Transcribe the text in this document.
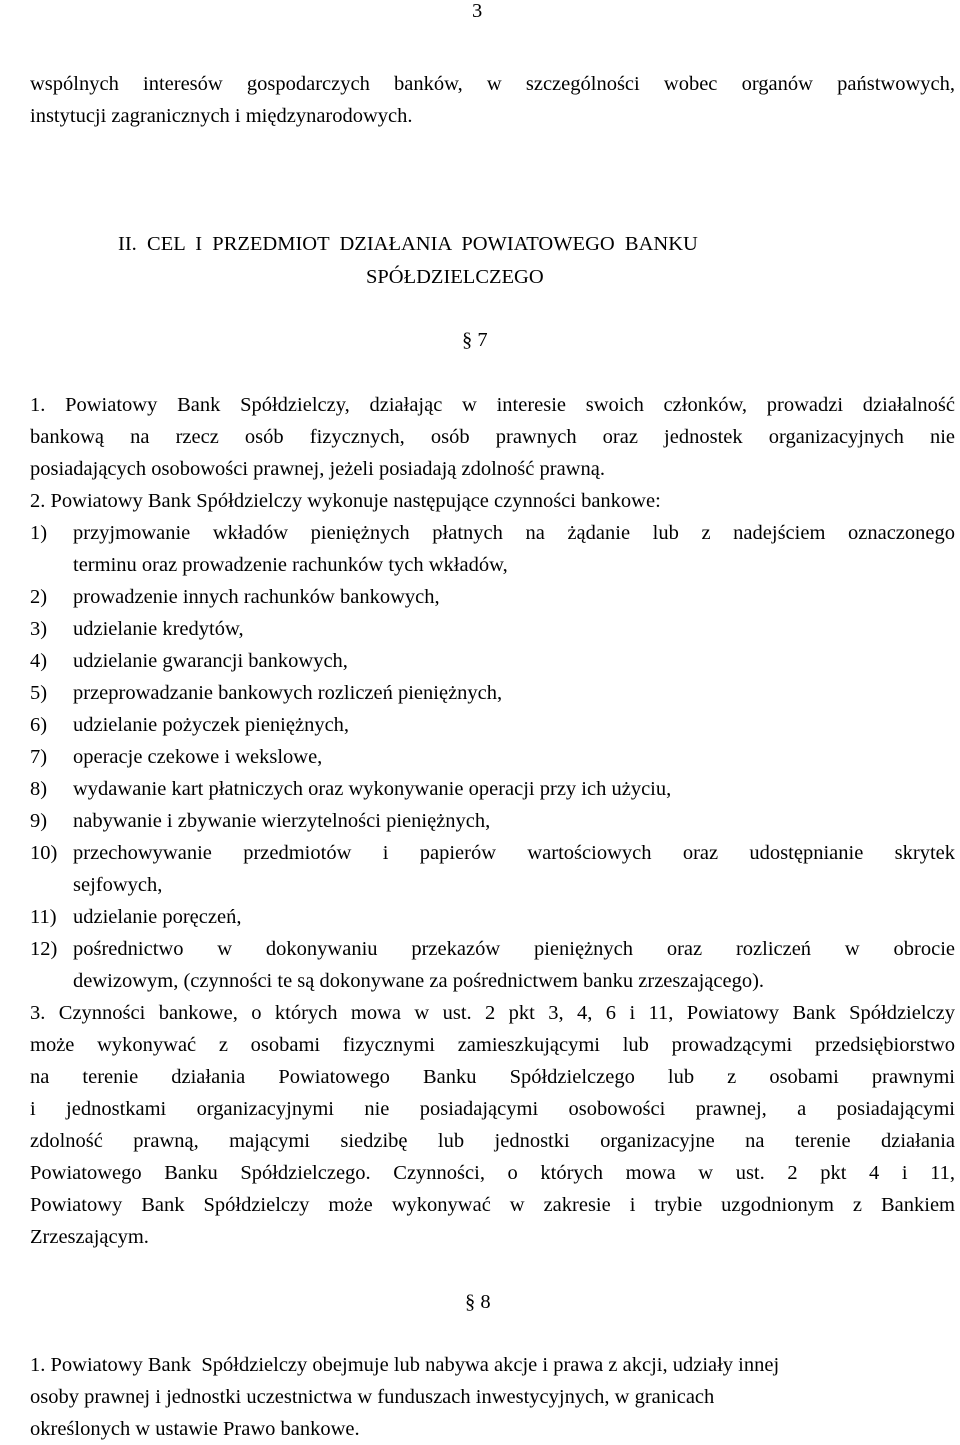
3
wspólnych interesów gospodarczych banków, w szczególności wobec organów państwowych,
instytucji zagranicznych i międzynarodowych.
II.  CEL  I  PRZEDMIOT  DZIAŁANIA  POWIATOWEGO  BANKU
SPÓŁDZIELCZEGO
§ 7
1. Powiatowy Bank Spółdzielczy, działając w interesie swoich członków, prowadzi działalność
bankową na rzecz osób fizycznych, osób prawnych oraz jednostek organizacyjnych nie
posiadających osobowości prawnej, jeżeli posiadają zdolność prawną.
2. Powiatowy Bank Spółdzielczy wykonuje następujące czynności bankowe:
1) przyjmowanie wkładów pieniężnych płatnych na żądanie lub z nadejściem oznaczonego
terminu oraz prowadzenie rachunków tych wkładów,
2) prowadzenie innych rachunków bankowych,
3) udzielanie kredytów,
4) udzielanie gwarancji bankowych,
5) przeprowadzanie bankowych rozliczeń pieniężnych,
6) udzielanie pożyczek pieniężnych,
7) operacje czekowe i wekslowe,
8) wydawanie kart płatniczych oraz wykonywanie operacji przy ich użyciu,
9) nabywanie i zbywanie wierzytelności pieniężnych,
10) przechowywanie przedmiotów i papierów wartościowych oraz udostępnianie skrytek
sejfowych,
11) udzielanie poręczeń,
12) pośrednictwo w dokonywaniu przekazów pieniężnych oraz rozliczeń w obrocie
dewizowym, (czynności te są dokonywane za pośrednictwem banku zrzeszającego).
3. Czynności bankowe, o których mowa w ust. 2 pkt 3, 4, 6 i 11, Powiatowy Bank Spółdzielczy
może wykonywać z osobami fizycznymi zamieszkującymi lub prowadzącymi przedsiębiorstwo
na terenie działania Powiatowego Banku Spółdzielczego lub z osobami prawnymi
i jednostkami organizacyjnymi nie posiadającymi osobowości prawnej, a posiadającymi
zdolność prawną, mającymi siedzibę lub jednostki organizacyjne na terenie działania
Powiatowego Banku Spółdzielczego. Czynności, o których mowa w ust. 2 pkt 4 i 11,
Powiatowy Bank Spółdzielczy może wykonywać w zakresie i trybie uzgodnionym z Bankiem
Zrzeszającym.
§ 8
1. Powiatowy Bank  Spółdzielczy obejmuje lub nabywa akcje i prawa z akcji, udziały innej
osoby prawnej i jednostki uczestnictwa w funduszach inwestycyjnych, w granicach
określonych w ustawie Prawo bankowe.
